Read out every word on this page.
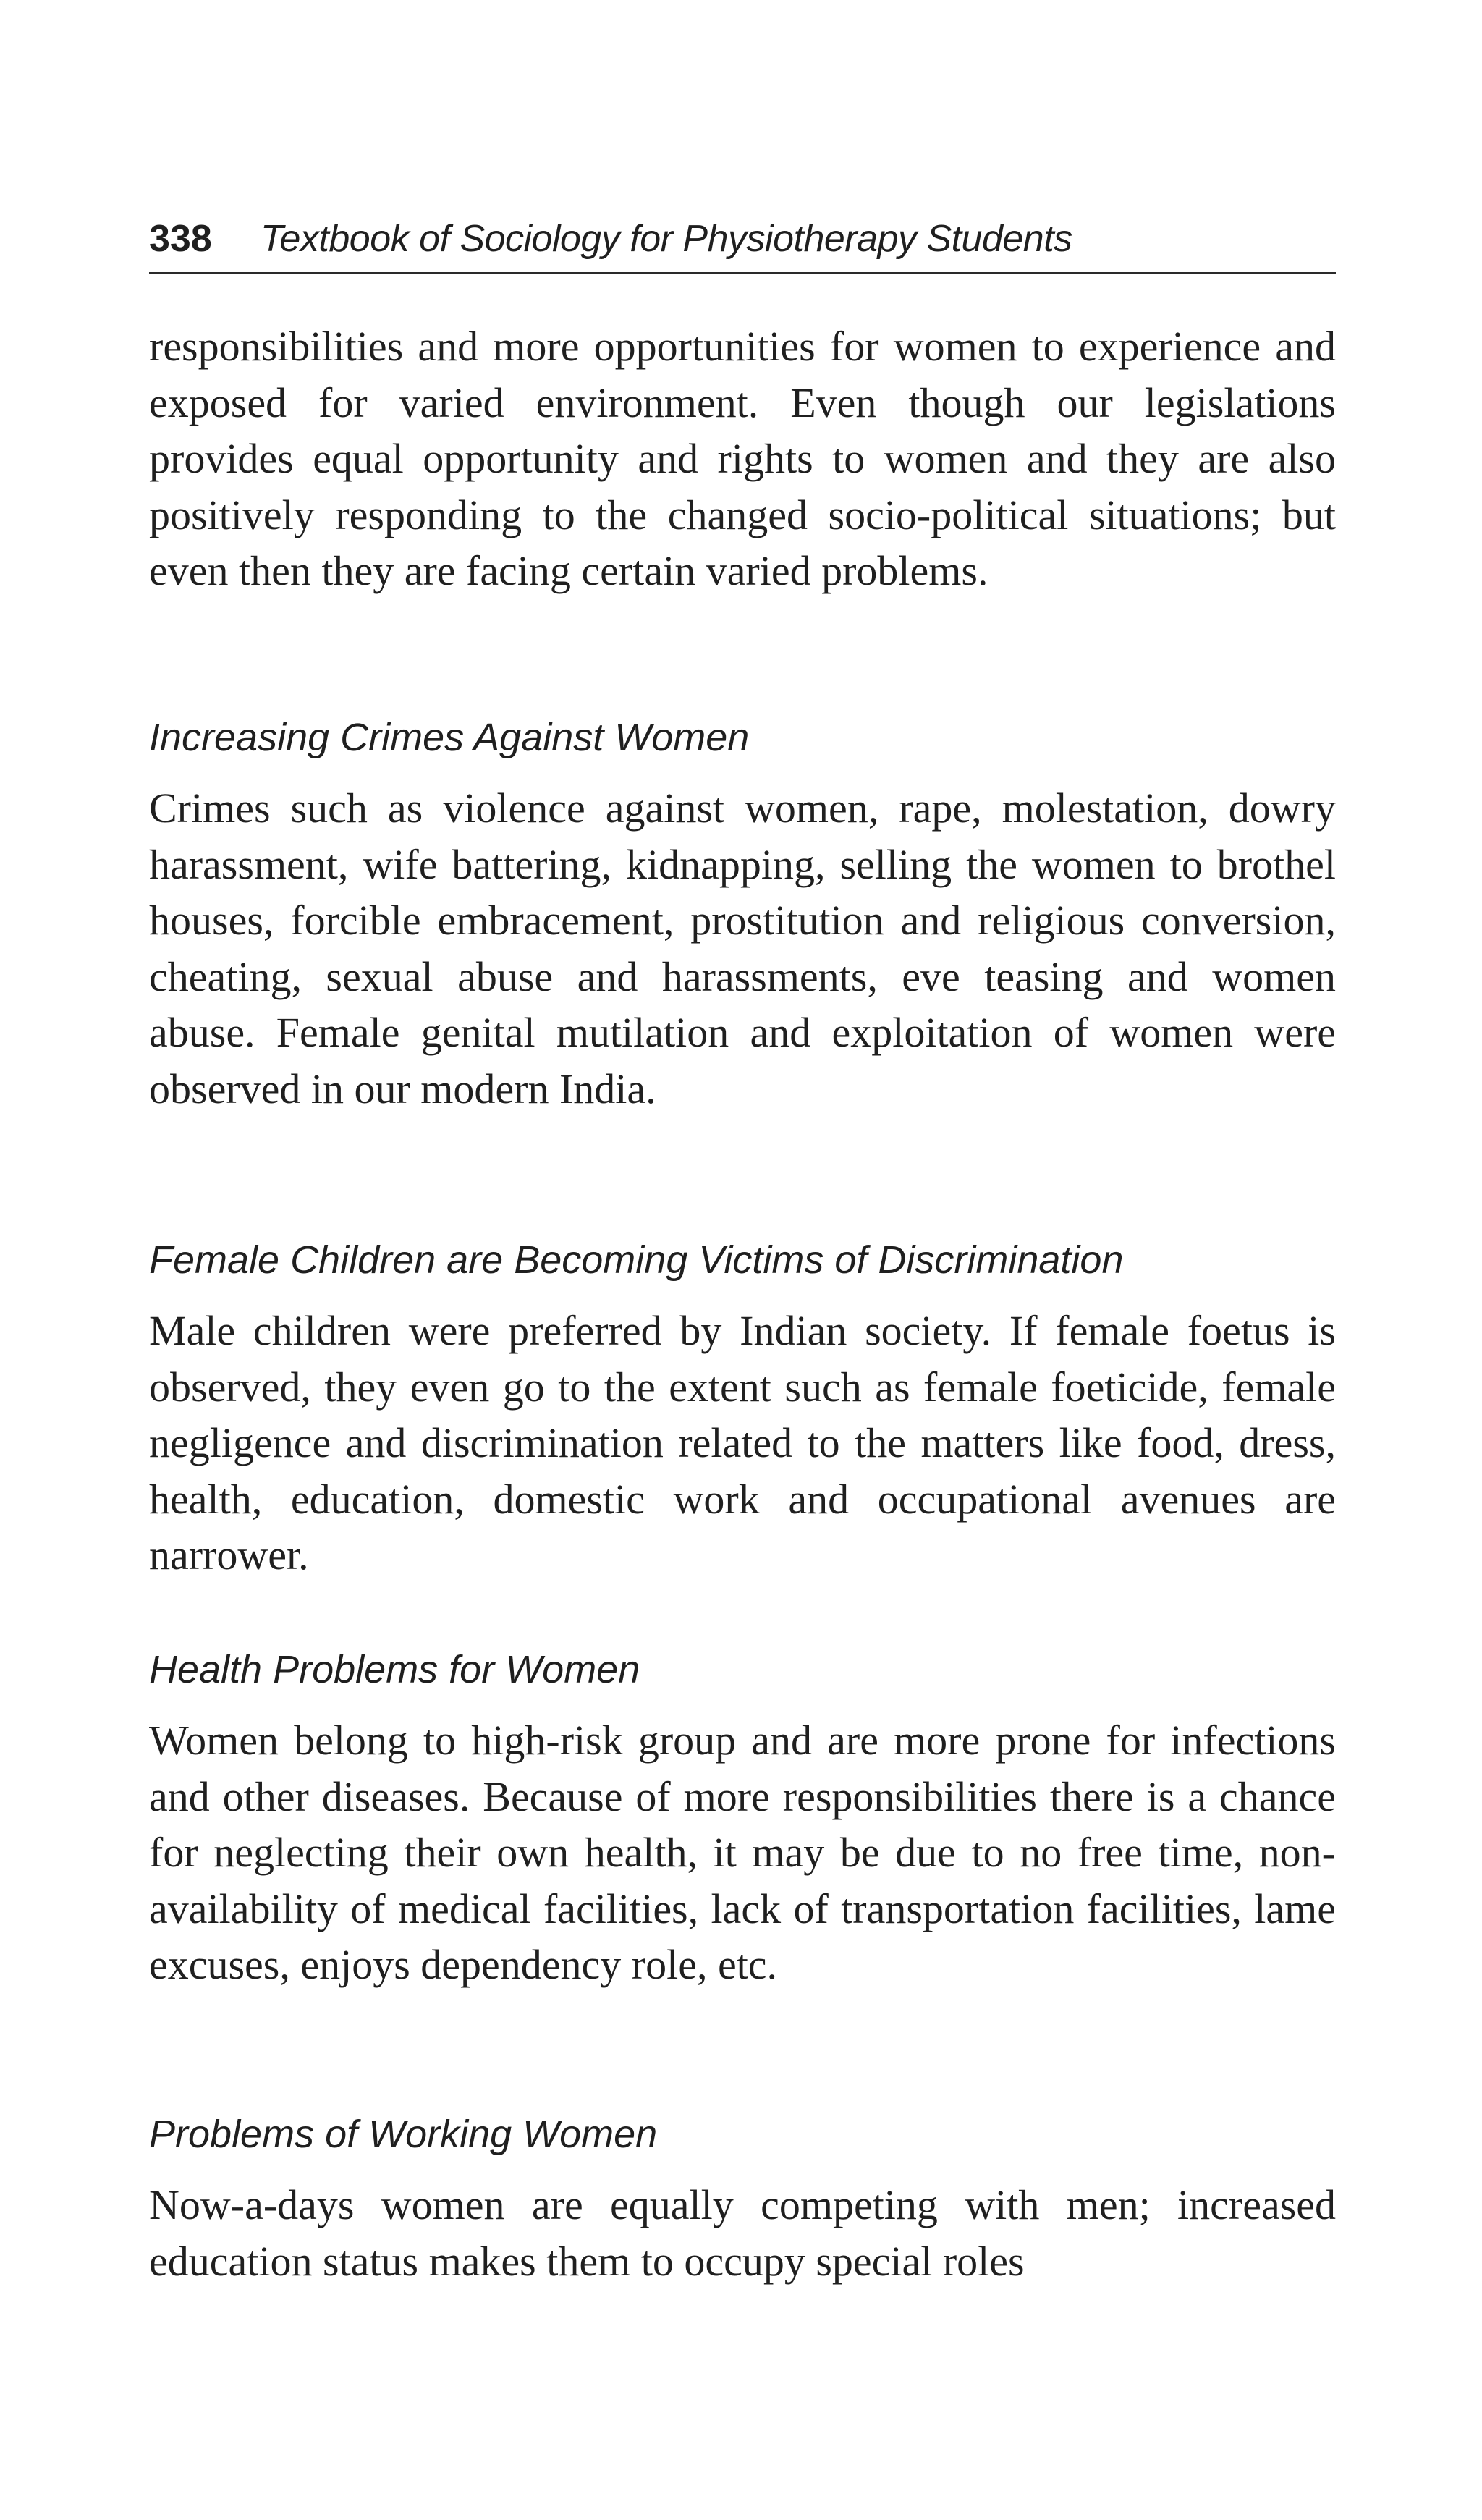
338 Textbook of Sociology for Physiotherapy Students

responsibilities and more opportunities for women to experience and exposed for varied environment. Even though our legislations provides equal opportunity and rights to women and they are also positively responding to the changed socio-political situations; but even then they are facing certain varied problems.

Increasing Crimes Against Women

Crimes such as violence against women, rape, molestation, dowry harassment, wife battering, kidnapping, selling the women to brothel houses, forcible embracement, prostitution and religious conversion, cheating, sexual abuse and harassments, eve teasing and women abuse. Female genital mutilation and exploitation of women were observed in our modern India.

Female Children are Becoming Victims of Discrimination

Male children were preferred by Indian society. If female foetus is observed, they even go to the extent such as female foeticide, female negligence and discrimination related to the matters like food, dress, health, education, domestic work and occupational avenues are narrower.

Health Problems for Women

Women belong to high-risk group and are more prone for infections and other diseases. Because of more responsibilities there is a chance for neglecting their own health, it may be due to no free time, non-availability of medical facilities, lack of transportation facilities, lame excuses, enjoys dependency role, etc.

Problems of Working Women

Now-a-days women are equally competing with men; increased education status makes them to occupy special roles
